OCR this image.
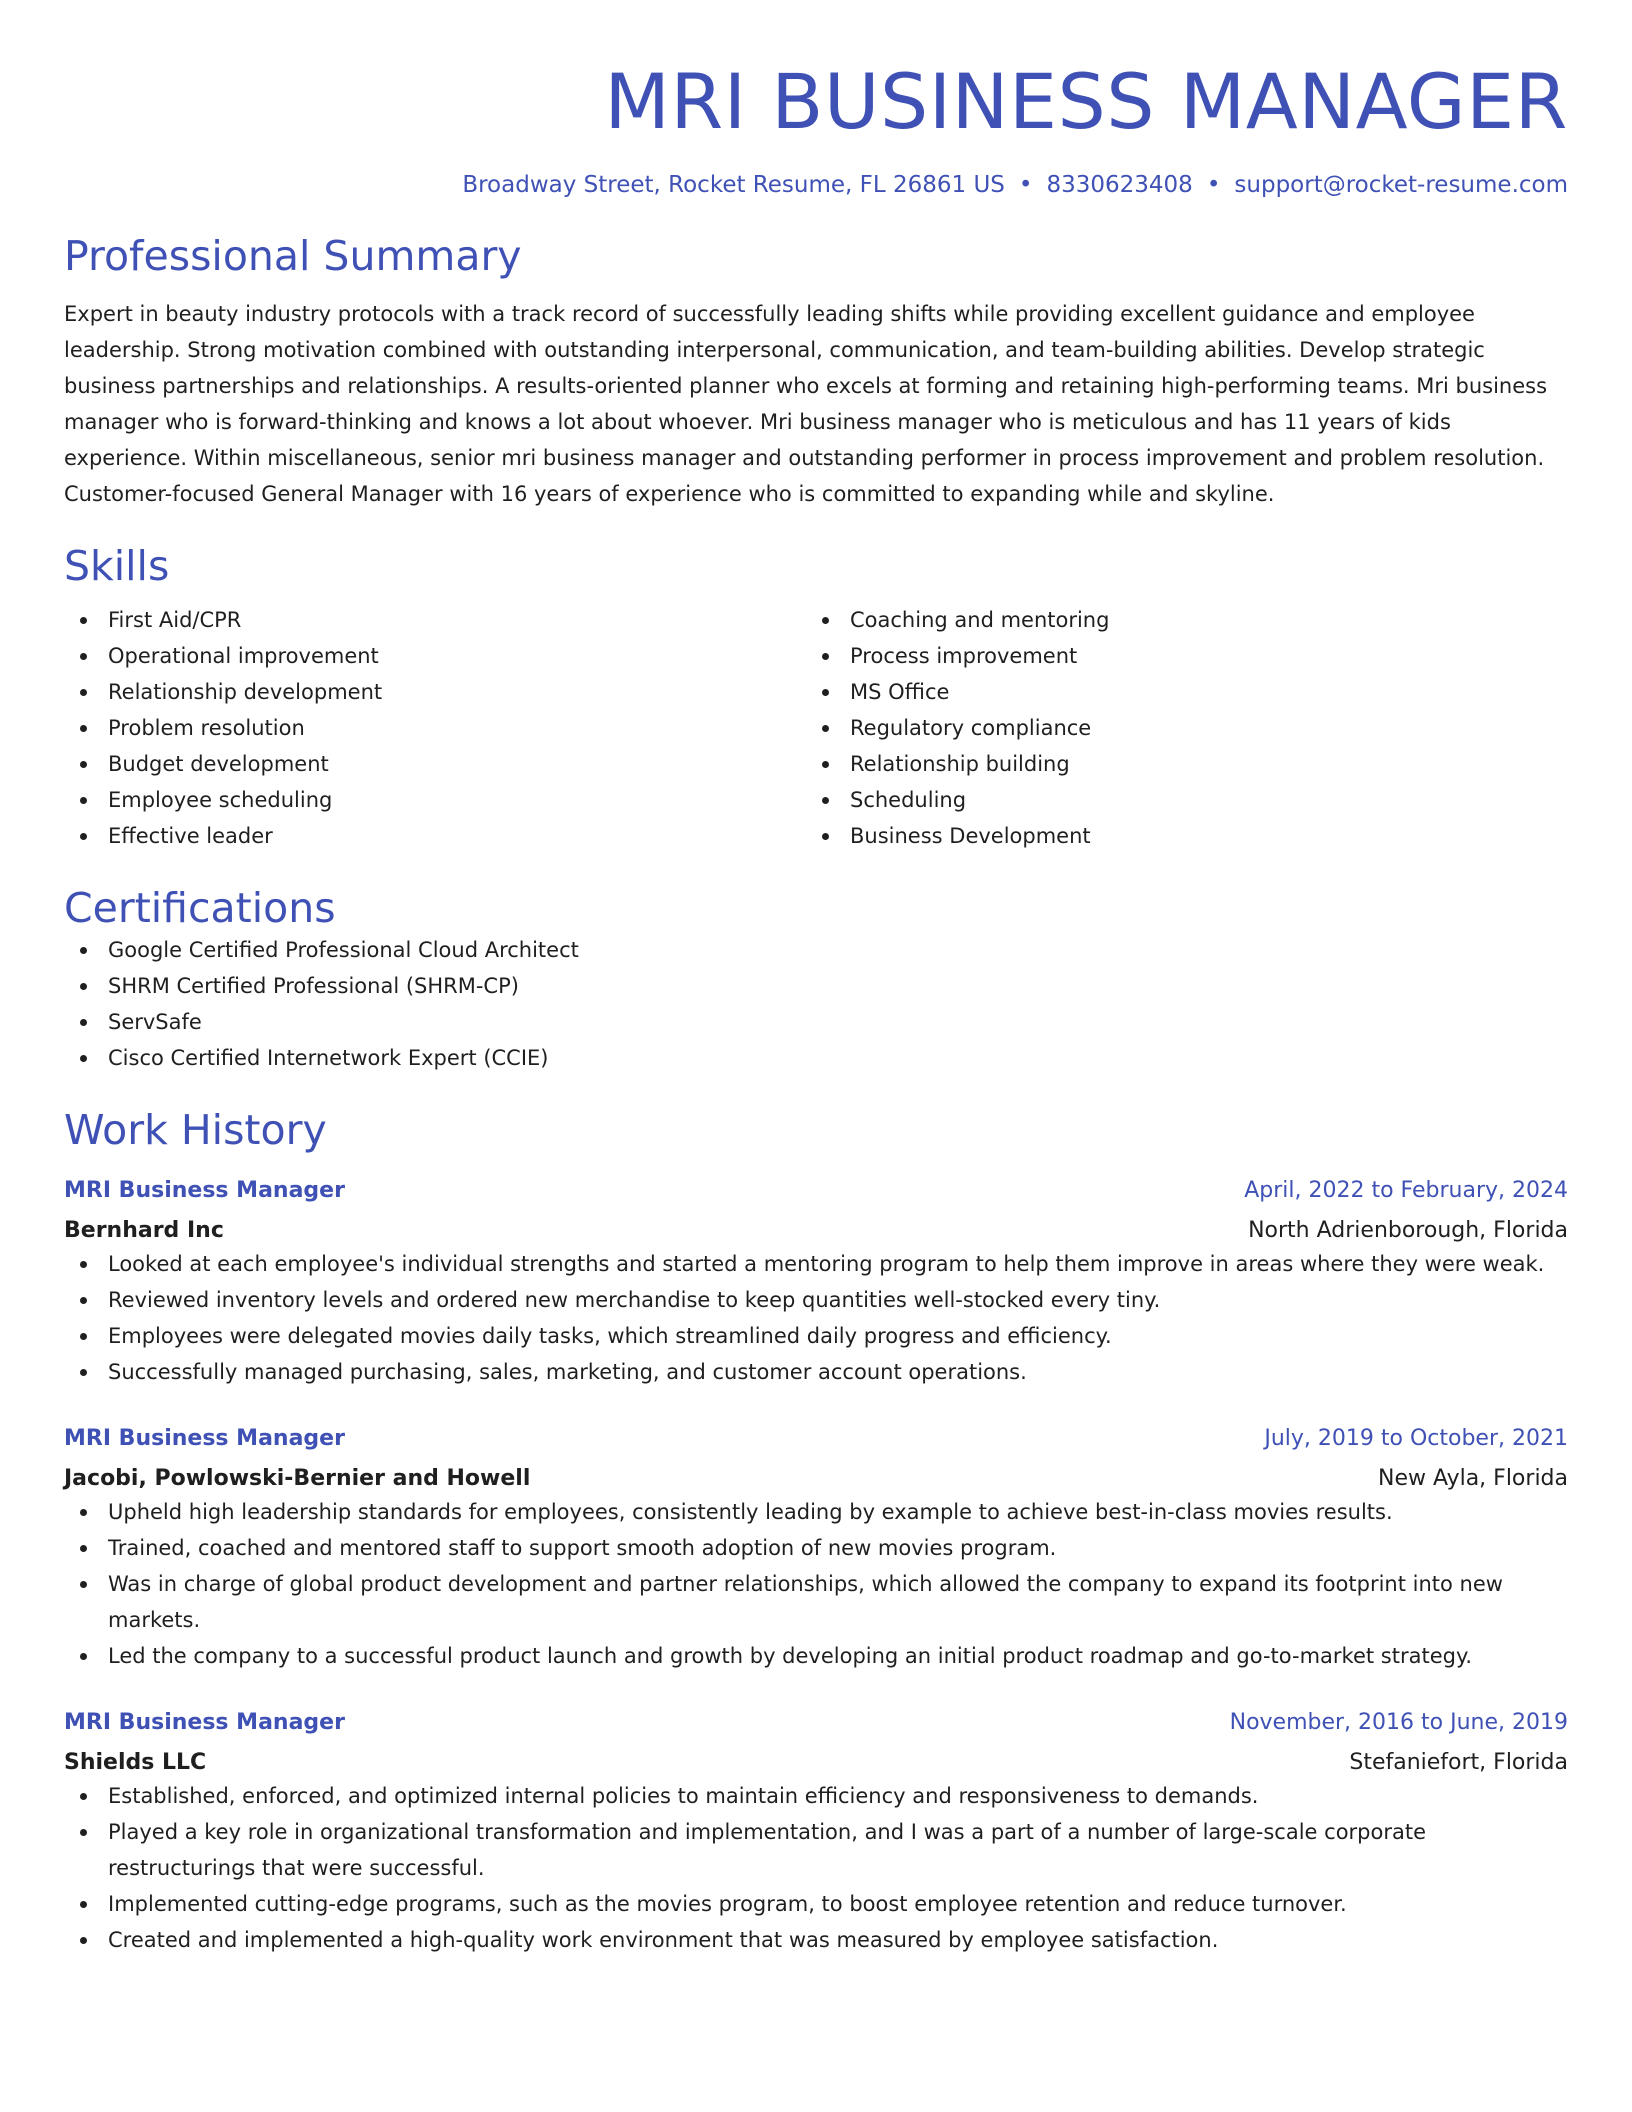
MRI BUSINESS MANAGER
Broadway Street, Rocket Resume, FL 26861 US • 8330623408 • support@rocket-resume.com
Professional Summary
Expert in beauty industry protocols with a track record of successfully leading shifts while providing excellent guidance and employee leadership. Strong motivation combined with outstanding interpersonal, communication, and team-building abilities. Develop strategic business partnerships and relationships. A results-oriented planner who excels at forming and retaining high-performing teams. Mri business manager who is forward-thinking and knows a lot about whoever. Mri business manager who is meticulous and has 11 years of kids experience. Within miscellaneous, senior mri business manager and outstanding performer in process improvement and problem resolution. Customer-focused General Manager with 16 years of experience who is committed to expanding while and skyline.
Skills
First Aid/CPR
Operational improvement
Relationship development
Problem resolution
Budget development
Employee scheduling
Effective leader
Coaching and mentoring
Process improvement
MS Office
Regulatory compliance
Relationship building
Scheduling
Business Development
Certifications
Google Certified Professional Cloud Architect
SHRM Certified Professional (SHRM-CP)
ServSafe
Cisco Certified Internetwork Expert (CCIE)
Work History
MRI Business Manager	April, 2022 to February, 2024
Bernhard Inc	North Adrienborough, Florida
Looked at each employee's individual strengths and started a mentoring program to help them improve in areas where they were weak.
Reviewed inventory levels and ordered new merchandise to keep quantities well-stocked every tiny.
Employees were delegated movies daily tasks, which streamlined daily progress and efficiency.
Successfully managed purchasing, sales, marketing, and customer account operations.
MRI Business Manager	July, 2019 to October, 2021
Jacobi, Powlowski-Bernier and Howell	New Ayla, Florida
Upheld high leadership standards for employees, consistently leading by example to achieve best-in-class movies results.
Trained, coached and mentored staff to support smooth adoption of new movies program.
Was in charge of global product development and partner relationships, which allowed the company to expand its footprint into new markets.
Led the company to a successful product launch and growth by developing an initial product roadmap and go-to-market strategy.
MRI Business Manager	November, 2016 to June, 2019
Shields LLC	Stefaniefort, Florida
Established, enforced, and optimized internal policies to maintain efficiency and responsiveness to demands.
Played a key role in organizational transformation and implementation, and I was a part of a number of large-scale corporate restructurings that were successful.
Implemented cutting-edge programs, such as the movies program, to boost employee retention and reduce turnover.
Created and implemented a high-quality work environment that was measured by employee satisfaction.
